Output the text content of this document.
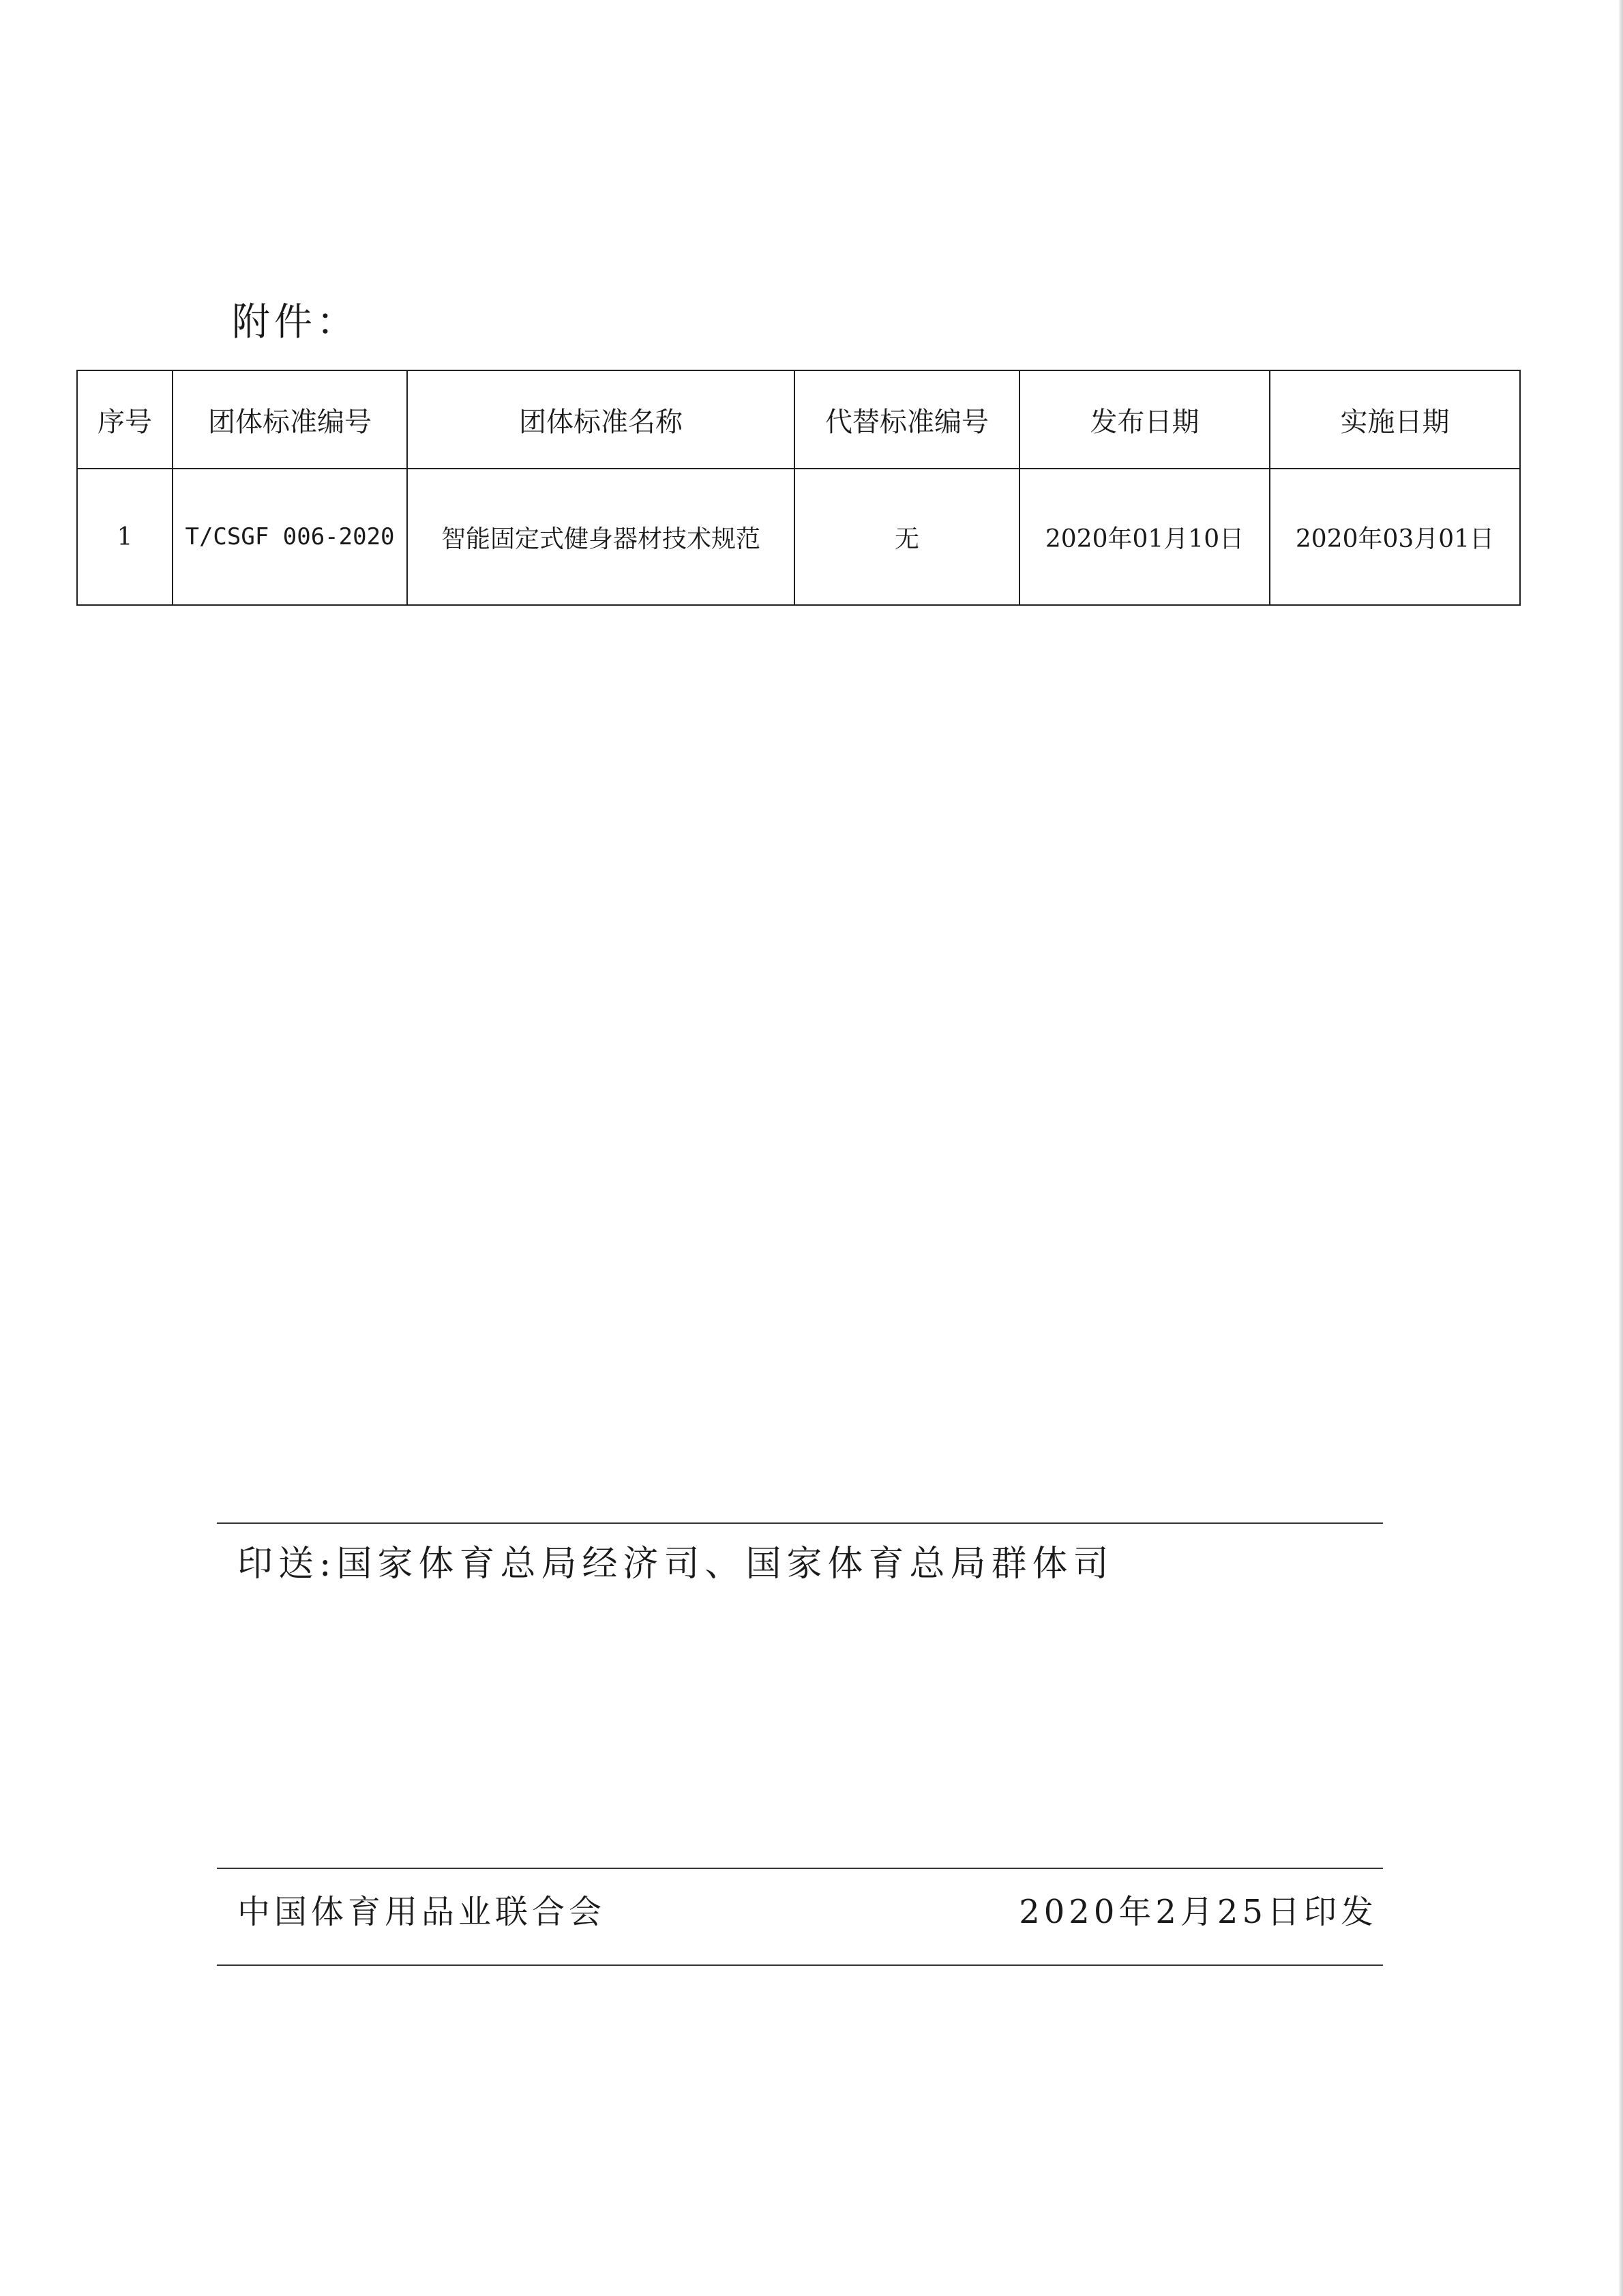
附件：
序号	团体标准编号	团体标准名称	代替标准编号	发布日期	实施日期
1	T/CSGF 006-2020	智能固定式健身器材技术规范	无	2020年01月10日	2020年03月01日
印送:国家体育总局经济司、国家体育总局群体司
中国体育用品业联合会	2020年2月25日印发
